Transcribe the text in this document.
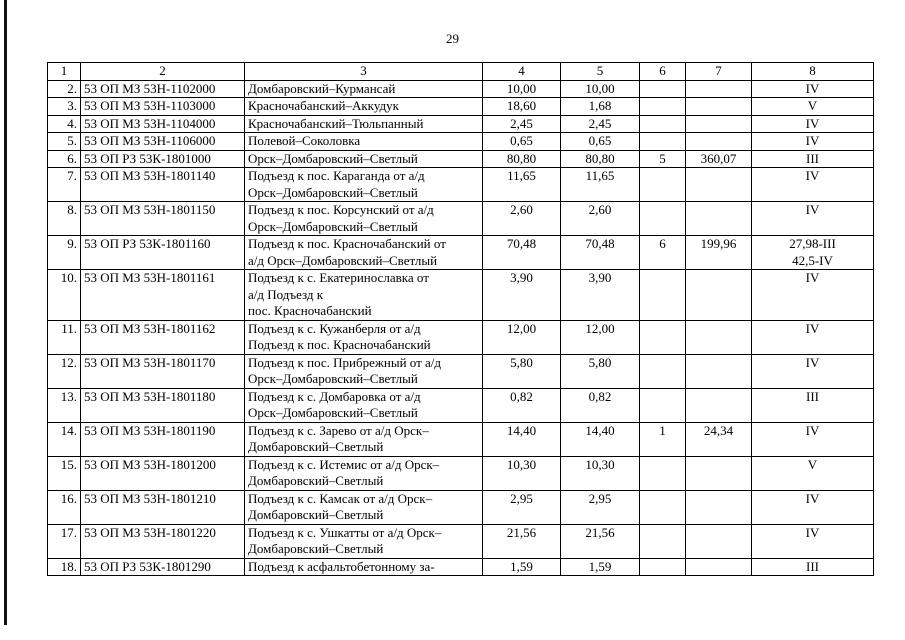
29
1	2	3	4	5	6	7	8
2.	53 ОП МЗ 53Н-1102000	Домбаровский–Курмансай	10,00	10,00			IV

3.	53 ОП МЗ 53Н-1103000	Красночабанский–Аккудук	18,60	1,68			V

4.	53 ОП МЗ 53Н-1104000	Красночабанский–Тюльпанный	2,45	2,45			IV

5.	53 ОП МЗ 53Н-1106000	Полевой–Соколовка	0,65	0,65			IV

6.	53 ОП РЗ 53К-1801000	Орск–Домбаровский–Светлый	80,80	80,80	5	360,07	III

7.	53 ОП МЗ 53Н-1801140	Подъезд к пос. Караганда от а/д
Орск–Домбаровский–Светлый	11,65	11,65			IV

8.	53 ОП МЗ 53Н-1801150	Подъезд к пос. Корсунский от а/д
Орск–Домбаровский–Светлый	2,60	2,60			IV

9.	53 ОП РЗ 53К-1801160	Подъезд к пос. Красночабанский от
а/д Орск–Домбаровский–Светлый	70,48	70,48	6	199,96	27,98-III
42,5-IV

10.	53 ОП МЗ 53Н-1801161	Подъезд к с. Екатеринославка от
а/д Подъезд к
пос. Красночабанский	3,90	3,90			IV

11.	53 ОП МЗ 53Н-1801162	Подъезд к с. Кужанберля от а/д
Подъезд к пос. Красночабанский	12,00	12,00			IV

12.	53 ОП МЗ 53Н-1801170	Подъезд к пос. Прибрежный от а/д
Орск–Домбаровский–Светлый	5,80	5,80			IV

13.	53 ОП МЗ 53Н-1801180	Подъезд к с. Домбаровка от а/д
Орск–Домбаровский–Светлый	0,82	0,82			III

14.	53 ОП МЗ 53Н-1801190	Подъезд к с. Зарево от а/д Орск–
Домбаровский–Светлый	14,40	14,40	1	24,34	IV

15.	53 ОП МЗ 53Н-1801200	Подъезд к с. Истемис от а/д Орск–
Домбаровский–Светлый	10,30	10,30			V

16.	53 ОП МЗ 53Н-1801210	Подъезд к с. Камсак от а/д Орск–
Домбаровский–Светлый	2,95	2,95			IV

17.	53 ОП МЗ 53Н-1801220	Подъезд к с. Ушкатты от а/д Орск–
Домбаровский–Светлый	21,56	21,56			IV

18.	53 ОП РЗ 53К-1801290	Подъезд к асфальтобетонному за-	1,59	1,59			III
